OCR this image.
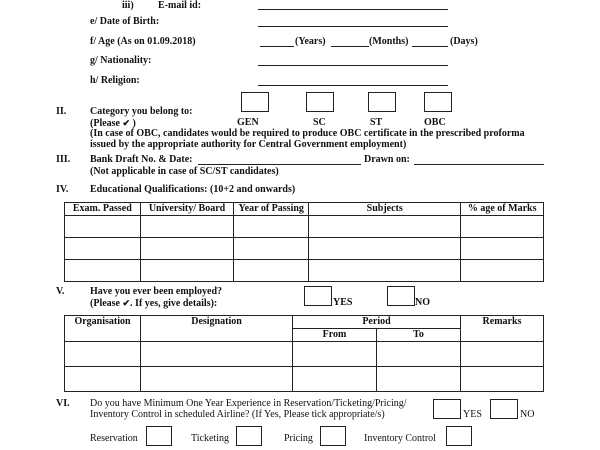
iii) E-mail id:
e/ Date of Birth:
f/ Age (As on 01.09.2018)	(Years)	(Months)	(Days)
g/ Nationality:
h/ Religion:
II. Category you belong to:
(Please ✔ )	GEN	SC	ST	OBC
(In case of OBC, candidates would be required to produce OBC certificate in the prescribed proforma
issued by the appropriate authority for Central Government employment)
III. Bank Draft No. & Date:	Drawn on:
(Not applicable in case of SC/ST candidates)
IV. Educational Qualifications: (10+2 and onwards)
Exam. Passed	University/ Board	Year of Passing	Subjects	% age of Marks

V.	Have you ever been employed?
(Please ✔. If yes, give details):	YES	NO
Organisation	Designation	Period		Remarks
		From	To	

VI. Do you have Minimum One Year Experience in Reservation/Ticketing/Pricing/
Inventory Control in scheduled Airline? (If Yes, Please tick appropriate/s)	YES	NO
Reservation	Ticketing	Pricing	Inventory Control
